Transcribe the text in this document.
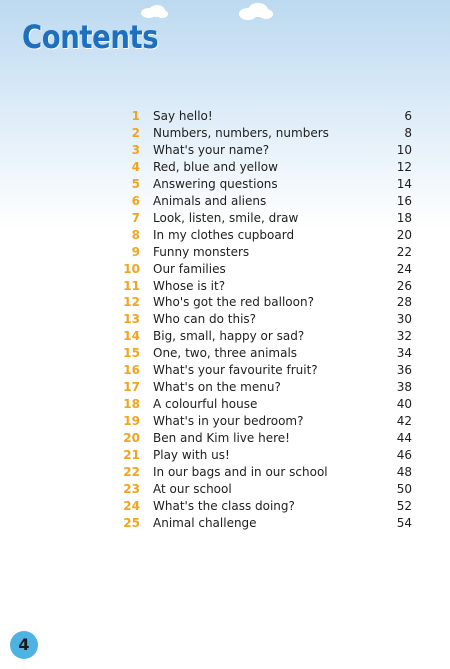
Contents
1 Say hello!	6
2 Numbers, numbers, numbers	8
3 What's your name?	10
4 Red, blue and yellow	12
5 Answering questions	14
6 Animals and aliens	16
7 Look, listen, smile, draw	18
8 In my clothes cupboard	20
9 Funny monsters	22
10 Our families	24
11 Whose is it?	26
12 Who's got the red balloon?	28
13 Who can do this?	30
14 Big, small, happy or sad?	32
15 One, two, three animals	34
16 What's your favourite fruit?	36
17 What's on the menu?	38
18 A colourful house	40
19 What's in your bedroom?	42
20 Ben and Kim live here!	44
21 Play with us!	46
22 In our bags and in our school	48
23 At our school	50
24 What's the class doing?	52
25 Animal challenge	54
4
